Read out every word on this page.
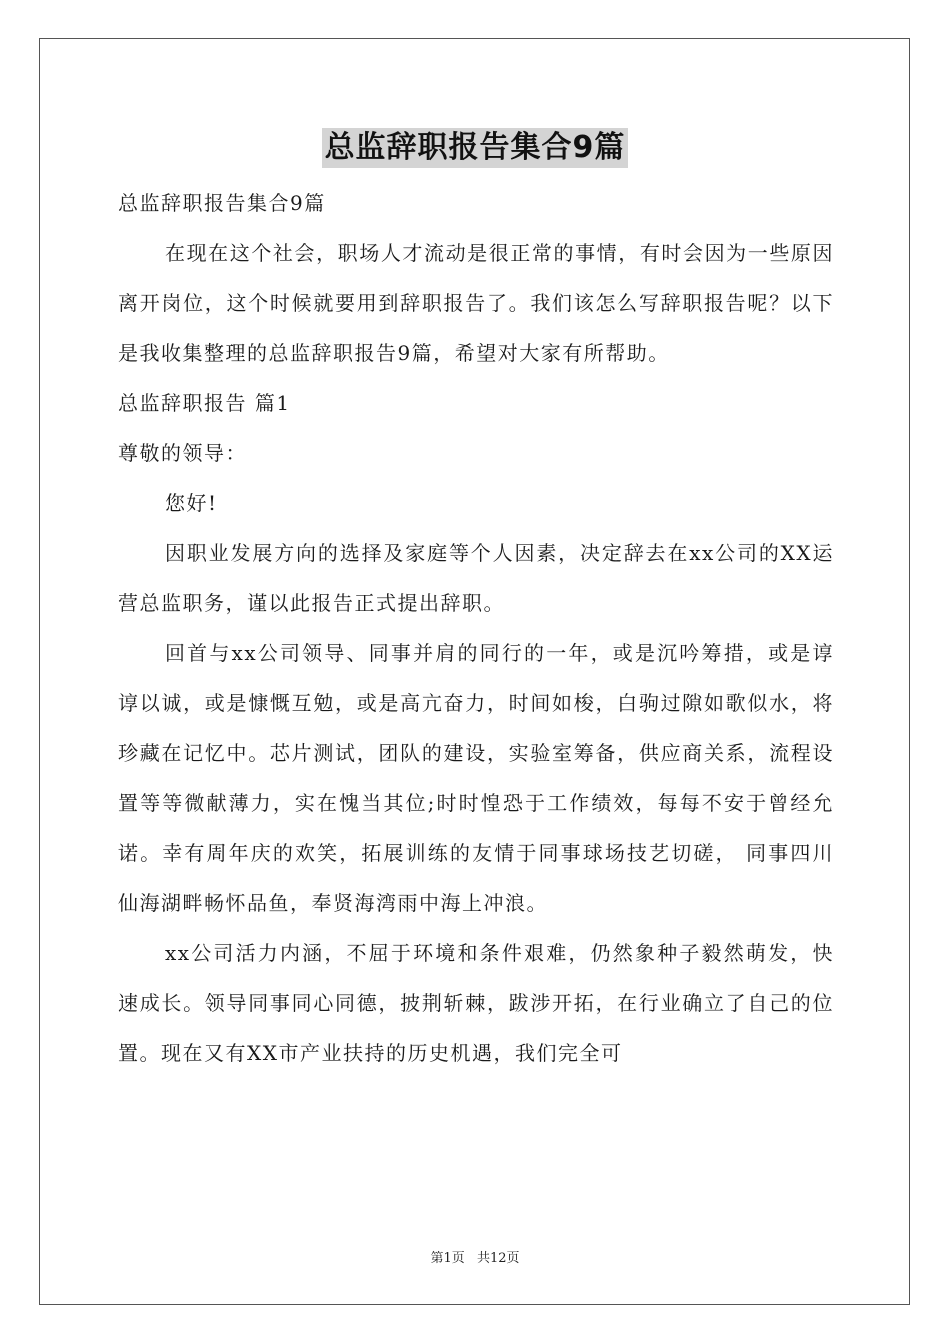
总监辞职报告集合9篇

总监辞职报告集合9篇

在现在这个社会，职场人才流动是很正常的事情，有时会因为一些原因离开岗位，这个时候就要用到辞职报告了。我们该怎么写辞职报告呢？以下是我收集整理的总监辞职报告9篇，希望对大家有所帮助。

总监辞职报告 篇1

尊敬的领导：

您好!

因职业发展方向的选择及家庭等个人因素，决定辞去在xx公司的XX运营总监职务，谨以此报告正式提出辞职。

回首与xx公司领导、同事并肩的同行的一年，或是沉吟筹措，或是谆谆以诚，或是慷慨互勉，或是高亢奋力，时间如梭，白驹过隙如歌似水，将珍藏在记忆中。芯片测试，团队的建设，实验室筹备，供应商关系，流程设置等等微献薄力，实在愧当其位;时时惶恐于工作绩效，每每不安于曾经允诺。幸有周年庆的欢笑，拓展训练的友情于同事球场技艺切磋， 同事四川仙海湖畔畅怀品鱼，奉贤海湾雨中海上冲浪。

xx公司活力内涵，不屈于环境和条件艰难，仍然象种子毅然萌发，快速成长。领导同事同心同德，披荆斩棘，跋涉开拓，在行业确立了自己的位置。现在又有XX市产业扶持的历史机遇，我们完全可

第1页 共12页
